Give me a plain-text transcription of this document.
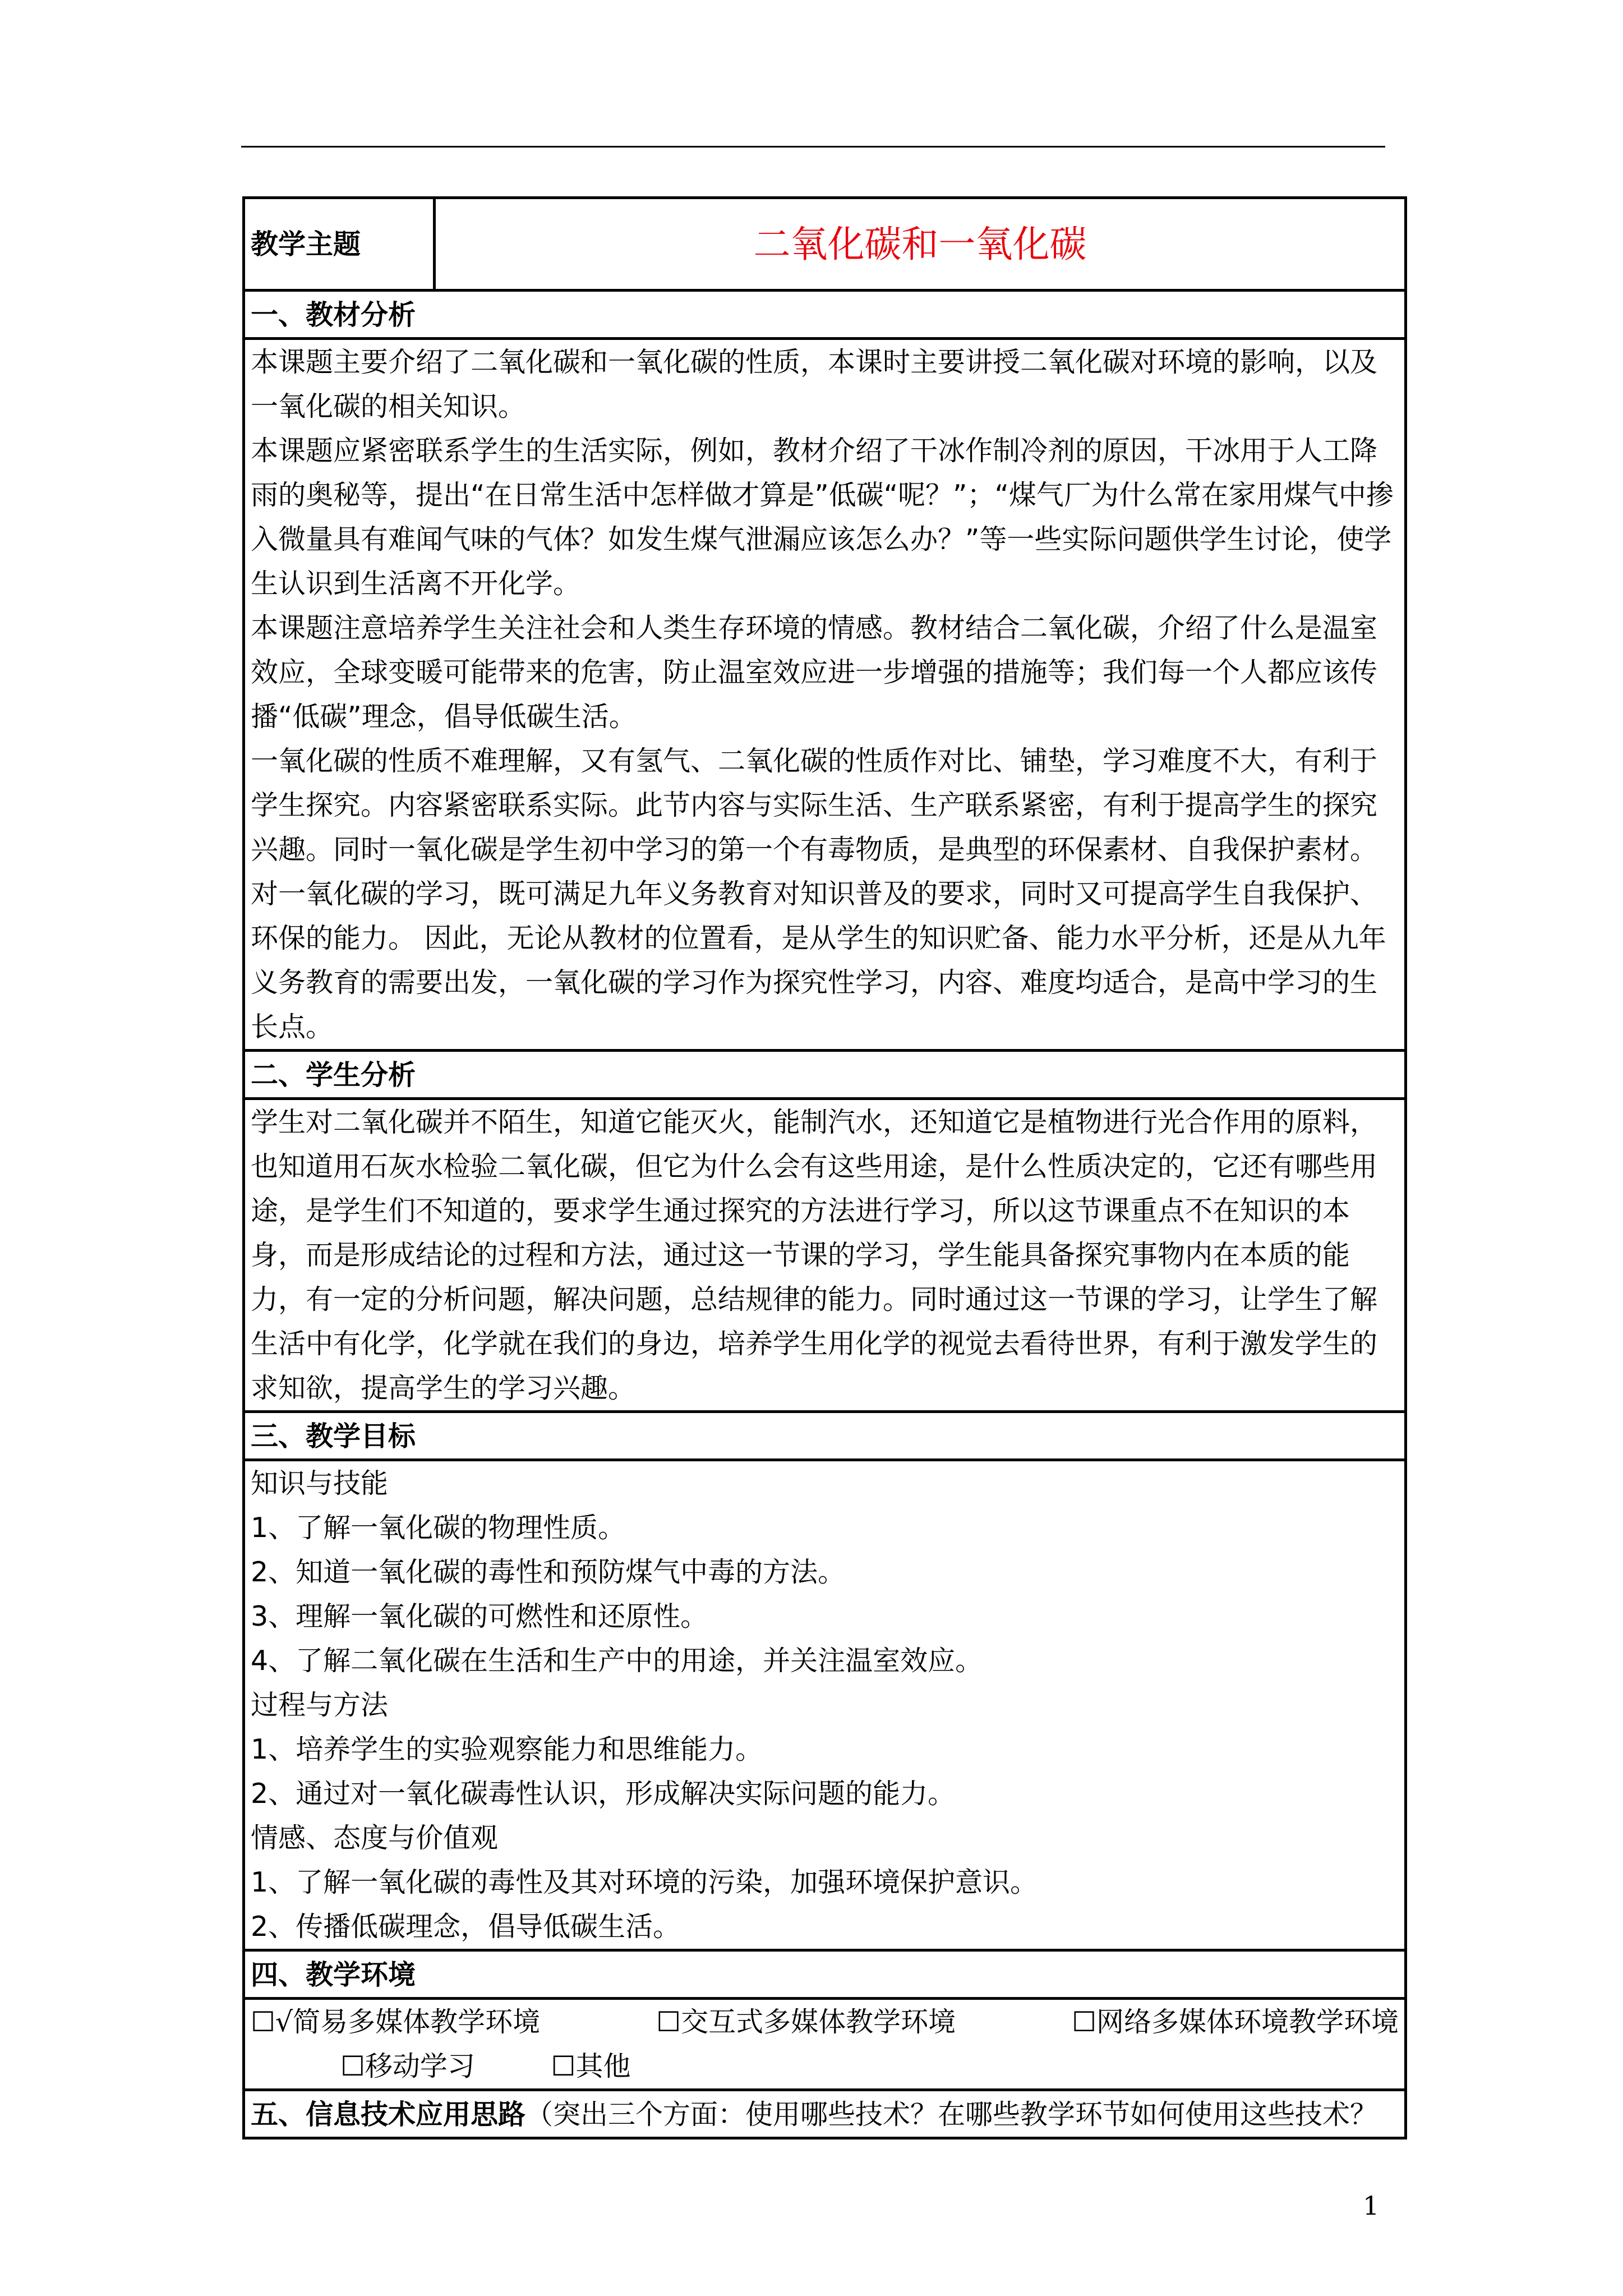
教学主题	二氧化碳和一氧化碳
一、教材分析

本课题主要介绍了二氧化碳和一氧化碳的性质，本课时主要讲授二氧化碳对环境的影响，以及一氧化碳的相关知识。

本课题应紧密联系学生的生活实际，例如，教材介绍了干冰作制冷剂的原因，干冰用于人工降雨的奥秘等，提出“在日常生活中怎样做才算是”低碳“呢？”；“煤气厂为什么常在家用煤气中掺入微量具有难闻气味的气体？如发生煤气泄漏应该怎么办？”等一些实际问题供学生讨论，使学生认识到生活离不开化学。

本课题注意培养学生关注社会和人类生存环境的情感。教材结合二氧化碳，介绍了什么是温室效应，全球变暖可能带来的危害，防止温室效应进一步增强的措施等；我们每一个人都应该传播“低碳”理念，倡导低碳生活。

一氧化碳的性质不难理解，又有氢气、二氧化碳的性质作对比、铺垫，学习难度不大，有利于学生探究。内容紧密联系实际。此节内容与实际生活、生产联系紧密，有利于提高学生的探究兴趣。同时一氧化碳是学生初中学习的第一个有毒物质，是典型的环保素材、自我保护素材。对一氧化碳的学习，既可满足九年义务教育对知识普及的要求，同时又可提高学生自我保护、环保的能力。 因此，无论从教材的位置看，是从学生的知识贮备、能力水平分析，还是从九年义务教育的需要出发，一氧化碳的学习作为探究性学习，内容、难度均适合，是高中学习的生长点。

二、学生分析

学生对二氧化碳并不陌生，知道它能灭火，能制汽水，还知道它是植物进行光合作用的原料，也知道用石灰水检验二氧化碳，但它为什么会有这些用途，是什么性质决定的，它还有哪些用途，是学生们不知道的，要求学生通过探究的方法进行学习，所以这节课重点不在知识的本身，而是形成结论的过程和方法，通过这一节课的学习，学生能具备探究事物内在本质的能力，有一定的分析问题，解决问题，总结规律的能力。同时通过这一节课的学习，让学生了解生活中有化学，化学就在我们的身边，培养学生用化学的视觉去看待世界，有利于激发学生的求知欲，提高学生的学习兴趣。

三、教学目标

知识与技能

1、了解一氧化碳的物理性质。

2、知道一氧化碳的毒性和预防煤气中毒的方法。

3、理解一氧化碳的可燃性和还原性。

4、了解二氧化碳在生活和生产中的用途，并关注温室效应。

过程与方法

1、培养学生的实验观察能力和思维能力。

2、通过对一氧化碳毒性认识，形成解决实际问题的能力。

情感、态度与价值观

1、了解一氧化碳的毒性及其对环境的污染，加强环境保护意识。

2、传播低碳理念，倡导低碳生活。

四、教学环境

☐√简易多媒体教学环境	☐交互式多媒体教学环境	☐网络多媒体环境教学环境
☐移动学习	☐其他

五、信息技术应用思路（突出三个方面：使用哪些技术？在哪些教学环节如何使用这些技术？
1
